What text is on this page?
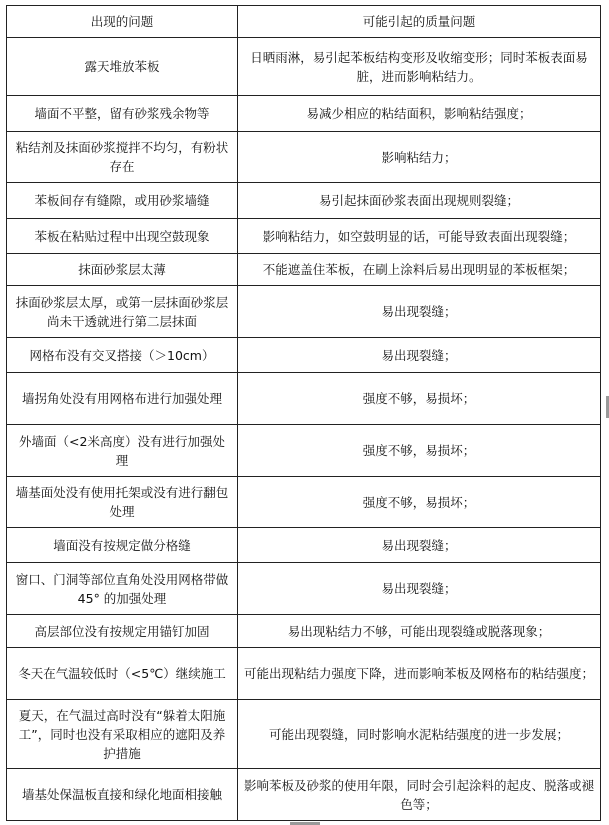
出现的问题	可能引起的质量问题
露天堆放苯板	日晒雨淋，易引起苯板结构变形及收缩变形；同时苯板表面易脏，进而影响粘结力。
墙面不平整，留有砂浆残余物等	易减少相应的粘结面积，影响粘结强度；
粘结剂及抹面砂浆搅拌不均匀，有粉状存在	影响粘结力；
苯板间存有缝隙，或用砂浆墙缝	易引起抹面砂浆表面出现规则裂缝；
苯板在粘贴过程中出现空鼓现象	影响粘结力，如空鼓明显的话，可能导致表面出现裂缝；
抹面砂浆层太薄	不能遮盖住苯板，在刷上涂料后易出现明显的苯板框架；
抹面砂浆层太厚，或第一层抹面砂浆层尚未干透就进行第二层抹面	易出现裂缝；
网格布没有交叉搭接（＞10cm）	易出现裂缝；
墙拐角处没有用网格布进行加强处理	强度不够，易损坏；
外墙面（<2米高度）没有进行加强处理	强度不够，易损坏；
墙基面处没有使用托架或没有进行翻包处理	强度不够，易损坏；
墙面没有按规定做分格缝	易出现裂缝；
窗口、门洞等部位直角处没用网格带做 45° 的加强处理	易出现裂缝；
高层部位没有按规定用锚钉加固	易出现粘结力不够，可能出现裂缝或脱落现象；
冬天在气温较低时（<5℃）继续施工	可能出现粘结力强度下降，进而影响苯板及网格布的粘结强度；
夏天，在气温过高时没有“躲着太阳施工”，同时也没有采取相应的遮阳及养护措施	可能出现裂缝，同时影响水泥粘结强度的进一步发展；
墙基处保温板直接和绿化地面相接触	影响苯板及砂浆的使用年限，同时会引起涂料的起皮、脱落或褪色等；
